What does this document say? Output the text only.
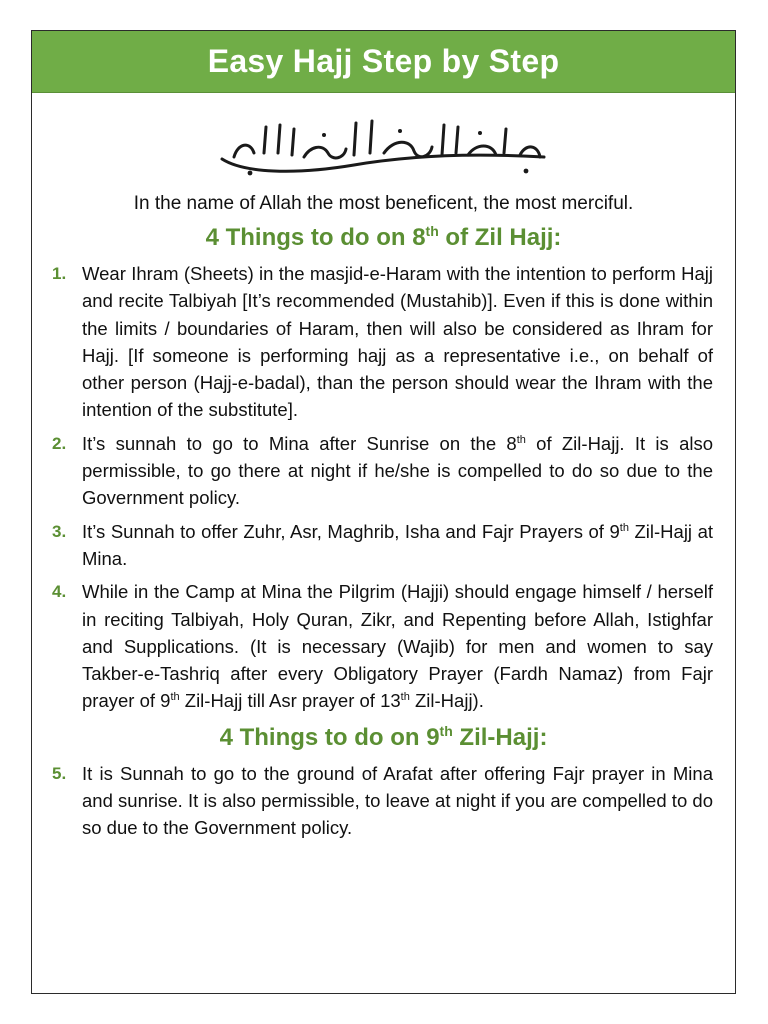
Easy Hajj Step by Step
In the name of Allah the most beneficent, the most merciful.
4 Things to do on 8th of Zil Hajj:
1. Wear Ihram (Sheets) in the masjid-e-Haram with the intention to perform Hajj and recite Talbiyah [It’s recommended (Mustahib)]. Even if this is done within the limits / boundaries of Haram, then will also be considered as Ihram for Hajj. [If someone is performing hajj as a representative i.e., on behalf of other person (Hajj-e-badal), than the person should wear the Ihram with the intention of the substitute].
2. It’s sunnah to go to Mina after Sunrise on the 8th of Zil-Hajj. It is also permissible, to go there at night if he/she is compelled to do so due to the Government policy.
3. It’s Sunnah to offer Zuhr, Asr, Maghrib, Isha and Fajr Prayers of 9th Zil-Hajj at Mina.
4. While in the Camp at Mina the Pilgrim (Hajji) should engage himself / herself in reciting Talbiyah, Holy Quran, Zikr, and Repenting before Allah, Istighfar and Supplications. (It is necessary (Wajib) for men and women to say Takber-e-Tashriq after every Obligatory Prayer (Fardh Namaz) from Fajr prayer of 9th Zil-Hajj till Asr prayer of 13th Zil-Hajj).
4 Things to do on 9th Zil-Hajj:
5. It is Sunnah to go to the ground of Arafat after offering Fajr prayer in Mina and sunrise. It is also permissible, to leave at night if you are compelled to do so due to the Government policy.
